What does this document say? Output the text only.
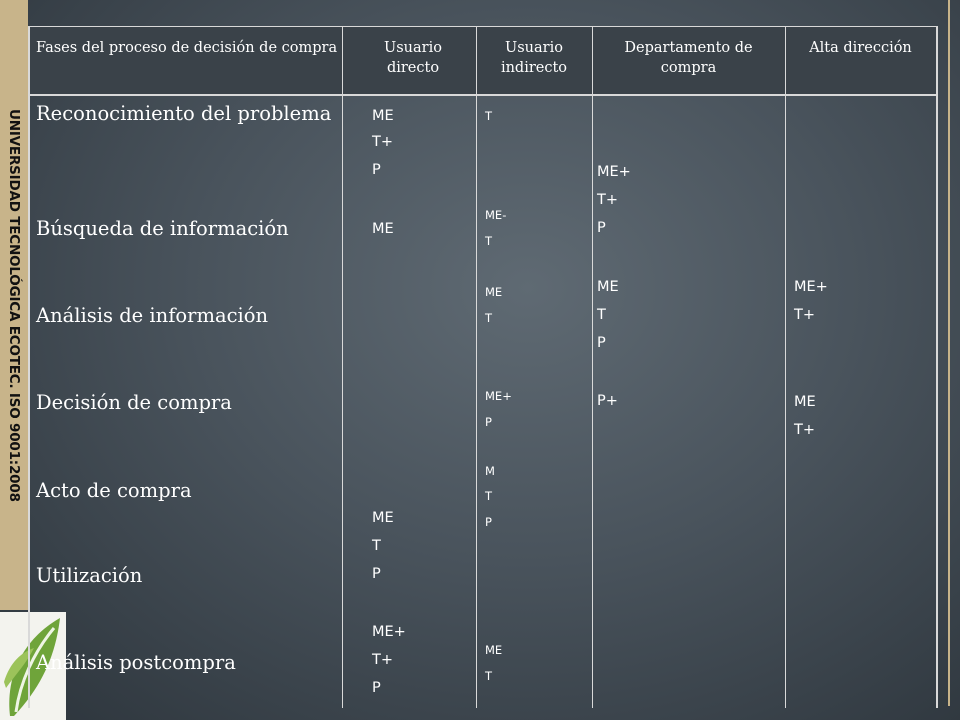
UNIVERSIDAD TECNOLÓGICA ECOTEC. ISO 9001:2008
Fases del proceso de decisión de compra	Usuario directo
Usuario indirecto
Departamento de compra
Alta dirección
Reconocimiento del problema
Búsqueda de información
Análisis de información
Decisión de compra
Acto de compra
Utilización
Análisis postcompra
ME
T+
P
ME
ME
T
P
ME+
T+
P
T
ME-
T
ME
T
ME+
P
M
T
P
ME
T
ME+
T+
P
ME
T
P
P+
ME+
T+
ME
T+
